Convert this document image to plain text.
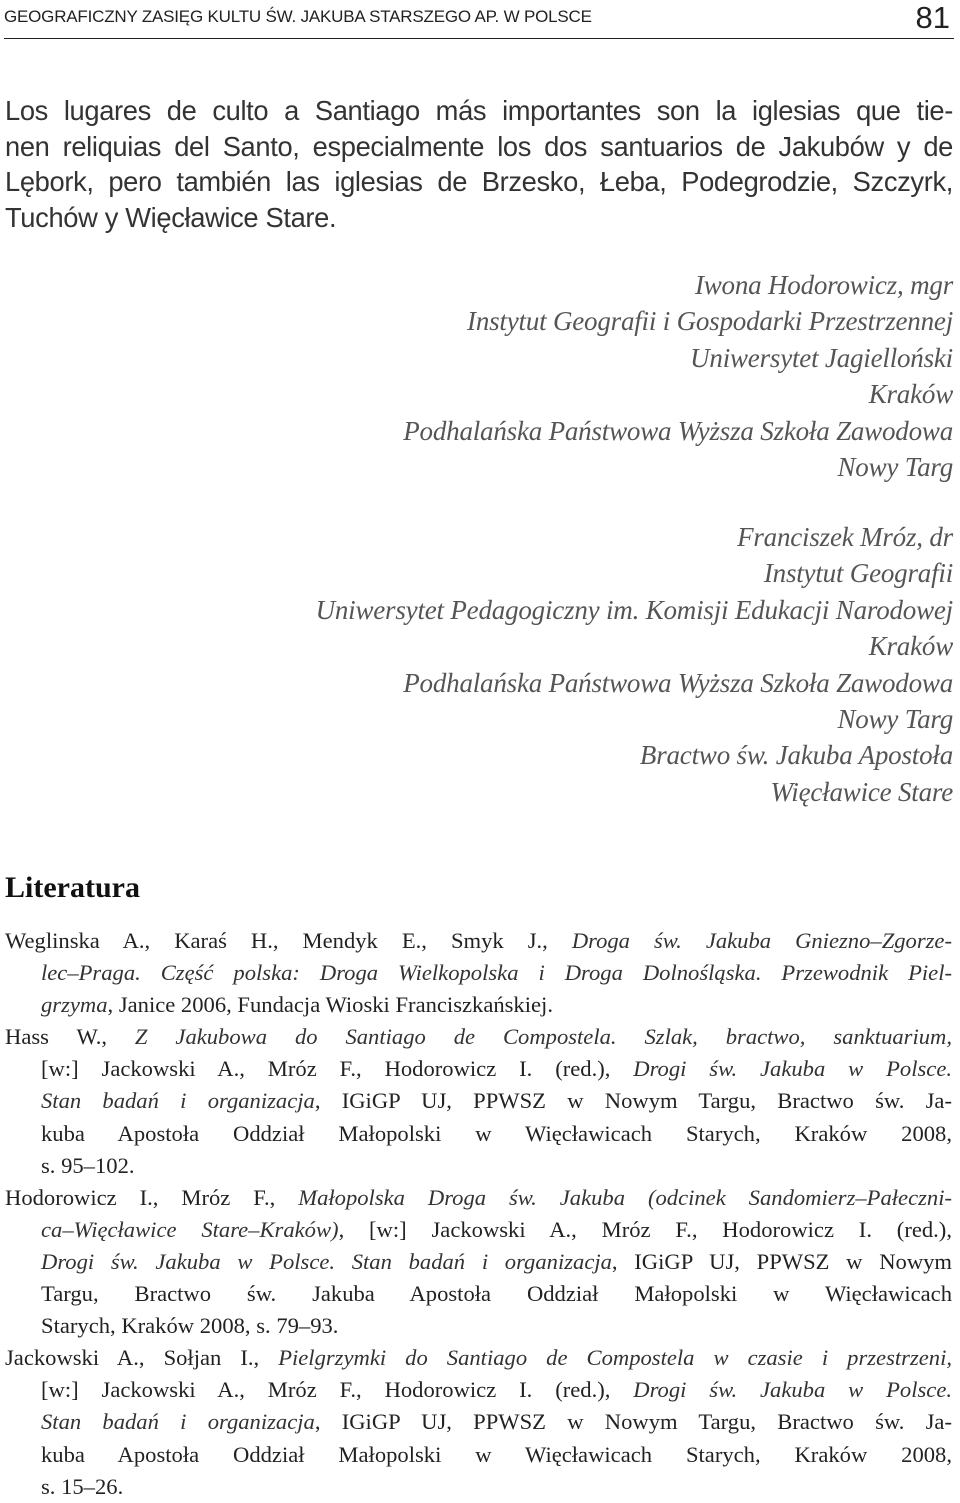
GEOGRAFICZNY ZASIĘG KULTU ŚW. JAKUBA STARSZEGO AP. W POLSCE	81
Los lugares de culto a Santiago más importantes son la iglesias que tie-
nen reliquias del Santo, especialmente los dos santuarios de Jakubów y de
Lębork, pero también las iglesias de Brzesko, Łeba, Podegrodzie, Szczyrk,
Tuchów y Więcławice Stare.
Iwona Hodorowicz, mgr
Instytut Geografii i Gospodarki Przestrzennej
Uniwersytet Jagielloński
Kraków
Podhalańska Państwowa Wyższa Szkoła Zawodowa
Nowy Targ
Franciszek Mróz, dr
Instytut Geografii
Uniwersytet Pedagogiczny im. Komisji Edukacji Narodowej
Kraków
Podhalańska Państwowa Wyższa Szkoła Zawodowa
Nowy Targ
Bractwo św. Jakuba Apostoła
Więcławice Stare
Literatura
Weglinska A., Karaś H., Mendyk E., Smyk J., Droga św. Jakuba Gniezno–Zgorze-
lec–Praga. Część polska: Droga Wielkopolska i Droga Dolnośląska. Przewodnik Piel-
grzyma, Janice 2006, Fundacja Wioski Franciszkańskiej.
Hass W., Z Jakubowa do Santiago de Compostela. Szlak, bractwo, sanktuarium,
[w:] Jackowski A., Mróz F., Hodorowicz I. (red.), Drogi św. Jakuba w Polsce.
Stan badań i organizacja, IGiGP UJ, PPWSZ w Nowym Targu, Bractwo św. Ja-
kuba Apostoła Oddział Małopolski w Więcławicach Starych, Kraków 2008,
s. 95–102.
Hodorowicz I., Mróz F., Małopolska Droga św. Jakuba (odcinek Sandomierz–Pałeczni-
ca–Więcławice Stare–Kraków), [w:] Jackowski A., Mróz F., Hodorowicz I. (red.),
Drogi św. Jakuba w Polsce. Stan badań i organizacja, IGiGP UJ, PPWSZ w Nowym
Targu, Bractwo św. Jakuba Apostoła Oddział Małopolski w Więcławicach
Starych, Kraków 2008, s. 79–93.
Jackowski A., Sołjan I., Pielgrzymki do Santiago de Compostela w czasie i przestrzeni,
[w:] Jackowski A., Mróz F., Hodorowicz I. (red.), Drogi św. Jakuba w Polsce.
Stan badań i organizacja, IGiGP UJ, PPWSZ w Nowym Targu, Bractwo św. Ja-
kuba Apostoła Oddział Małopolski w Więcławicach Starych, Kraków 2008,
s. 15–26.
